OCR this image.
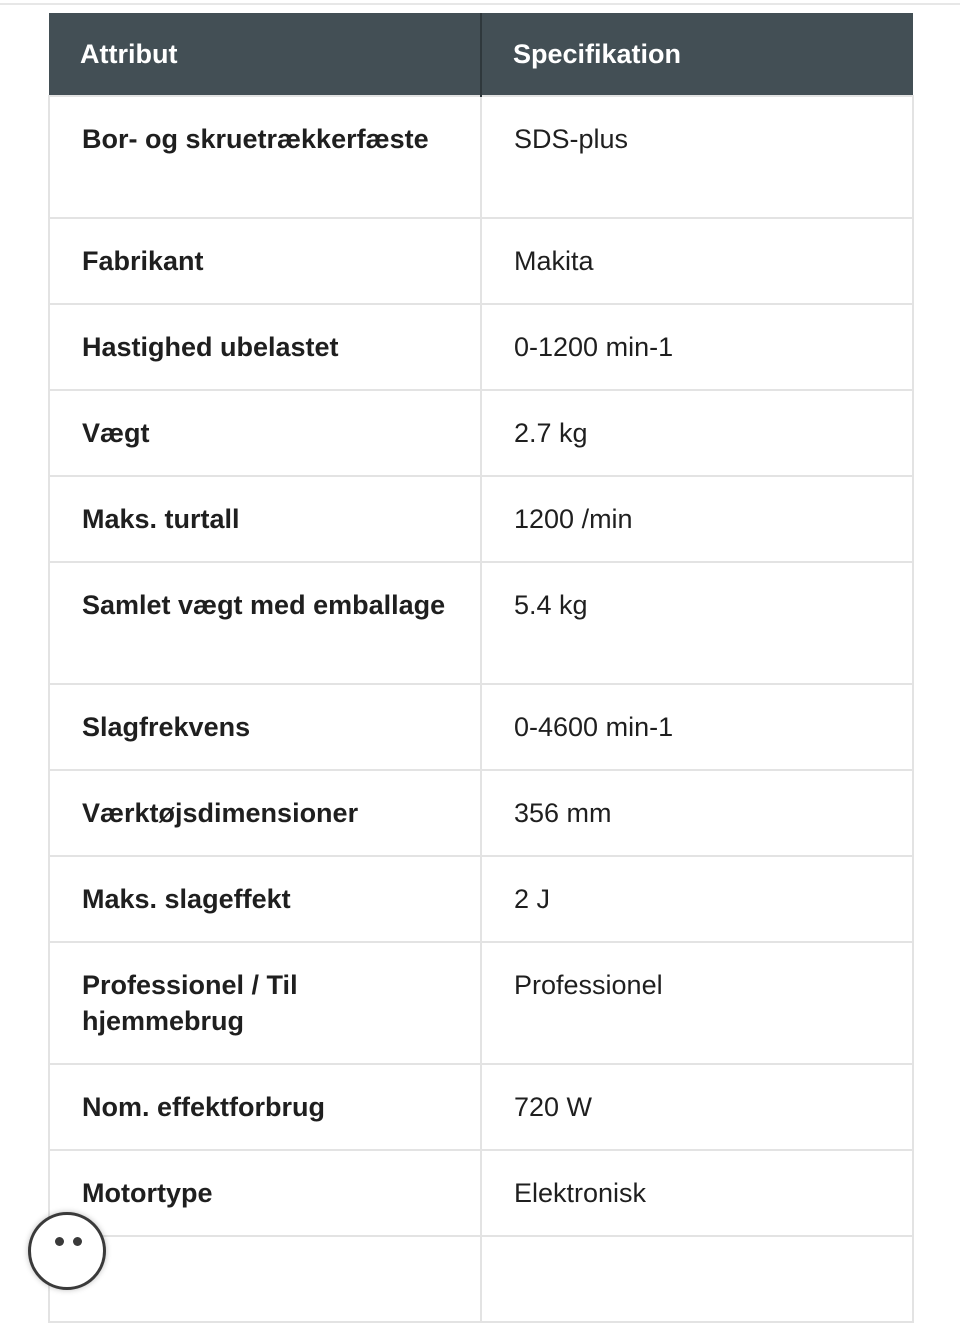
Attribut	Specifikation
Bor- og skruetrækkerfæste	SDS-plus
Fabrikant	Makita
Hastighed ubelastet	0-1200 min-1
Vægt	2.7 kg
Maks. turtall	1200 /min
Samlet vægt med emballage	5.4 kg
Slagfrekvens	0-4600 min-1
Værktøjsdimensioner	356 mm
Maks. slageffekt	2 J
Professionel / Til hjemmebrug	Professionel
Nom. effektforbrug	720 W
Motortype	Elektronisk
